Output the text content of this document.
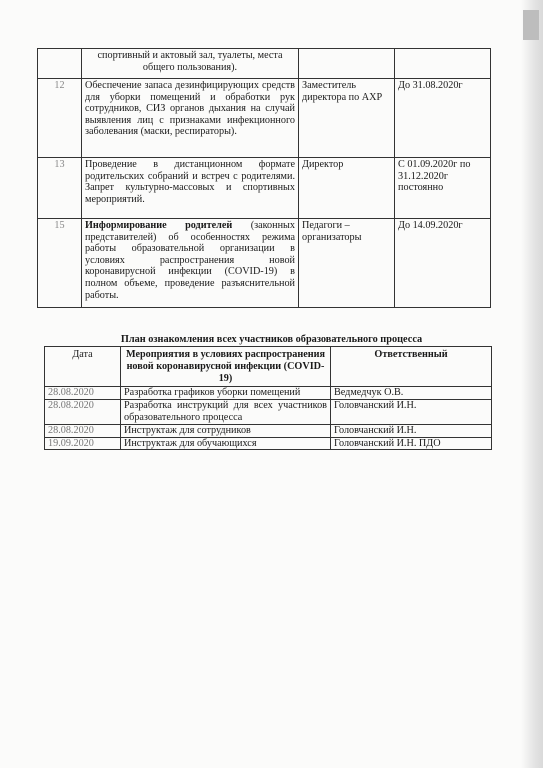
	спортивный и актовый зал, туалеты, места общего пользования).		
12	Обеспечение запаса дезинфицирующих средств для уборки помещений и обработки рук сотрудников, СИЗ органов дыхания на случай выявления лиц с признаками инфекционного заболевания (маски, респираторы).	Заместитель директора по АХР	До 31.08.2020г
13	Проведение в дистанционном формате родительских собраний и встреч с родителями. Запрет культурно-массовых и спортивных мероприятий.	Директор	С 01.09.2020г по 31.12.2020г постоянно
15	Информирование родителей (законных представителей) об особенностях режима работы образовательной организации в условиях распространения новой коронавирусной инфекции (COVID-19) в полном объеме, проведение разъяснительной работы.	Педагоги – организаторы	До 14.09.2020г
План ознакомления всех участников образовательного процесса
Дата	Мероприятия в условиях распространения новой коронавирусной инфекции (COVID-19)	Ответственный
28.08.2020	Разработка графиков уборки помещений	Ведмедчук О.В.
28.08.2020	Разработка инструкций для всех участников образовательного процесса	Головчанский И.Н.
28.08.2020	Инструктаж для сотрудников	Головчанский И.Н.
19.09.2020	Инструктаж для обучающихся	Головчанский И.Н. ПДО
